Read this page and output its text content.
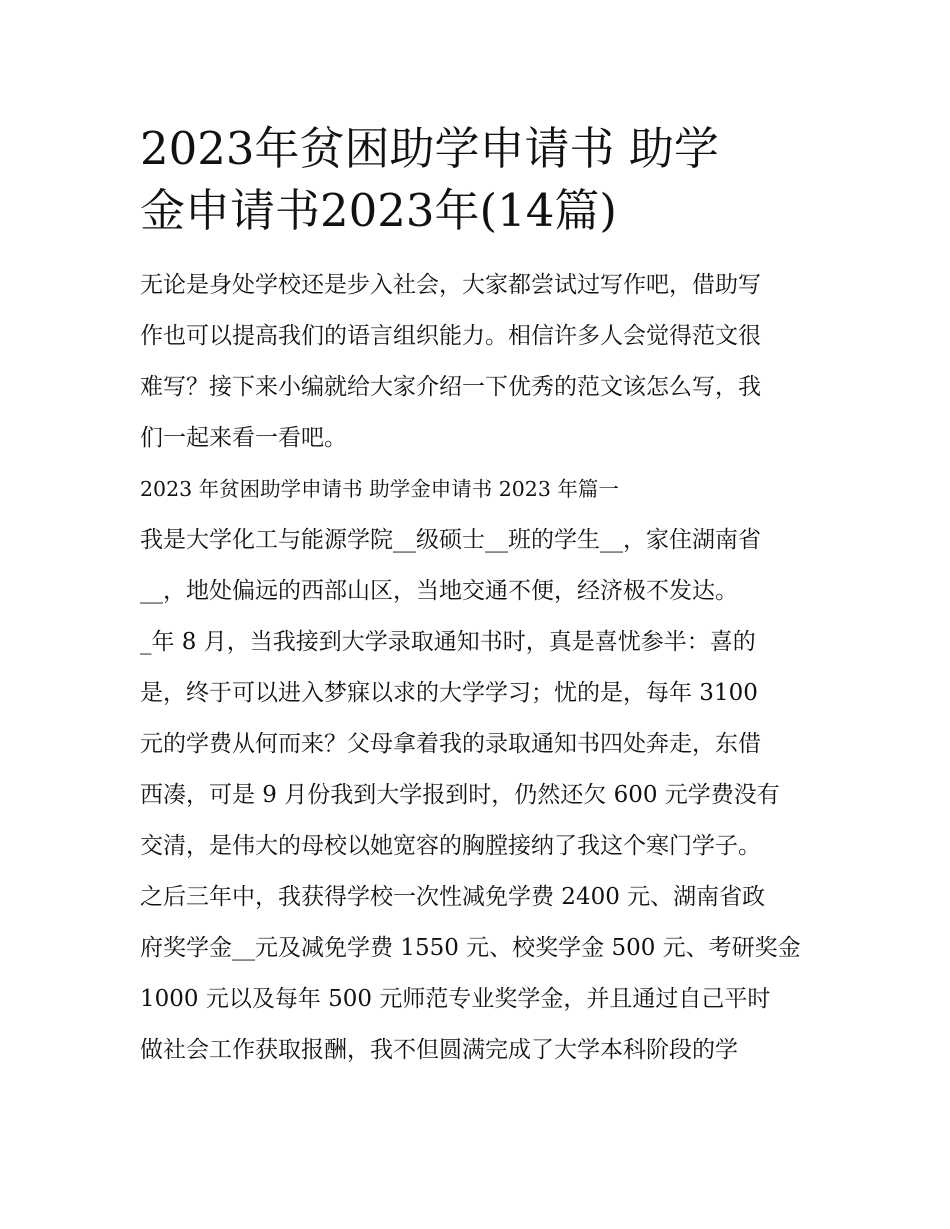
2023年贫困助学申请书 助学
金申请书2023年(14篇)
无论是身处学校还是步入社会，大家都尝试过写作吧，借助写
作也可以提高我们的语言组织能力。相信许多人会觉得范文很
难写？接下来小编就给大家介绍一下优秀的范文该怎么写，我
们一起来看一看吧。
2023 年贫困助学申请书 助学金申请书 2023 年篇一
我是大学化工与能源学院__级硕士__班的学生__，家住湖南省
__，地处偏远的西部山区，当地交通不便，经济极不发达。
_年 8 月，当我接到大学录取通知书时，真是喜忧参半：喜的
是，终于可以进入梦寐以求的大学学习；忧的是，每年 3100
元的学费从何而来？父母拿着我的录取通知书四处奔走，东借
西凑，可是 9 月份我到大学报到时，仍然还欠 600 元学费没有
交清，是伟大的母校以她宽容的胸膛接纳了我这个寒门学子。
之后三年中，我获得学校一次性减免学费 2400 元、湖南省政
府奖学金__元及减免学费 1550 元、校奖学金 500 元、考研奖金
1000 元以及每年 500 元师范专业奖学金，并且通过自己平时
做社会工作获取报酬，我不但圆满完成了大学本科阶段的学
